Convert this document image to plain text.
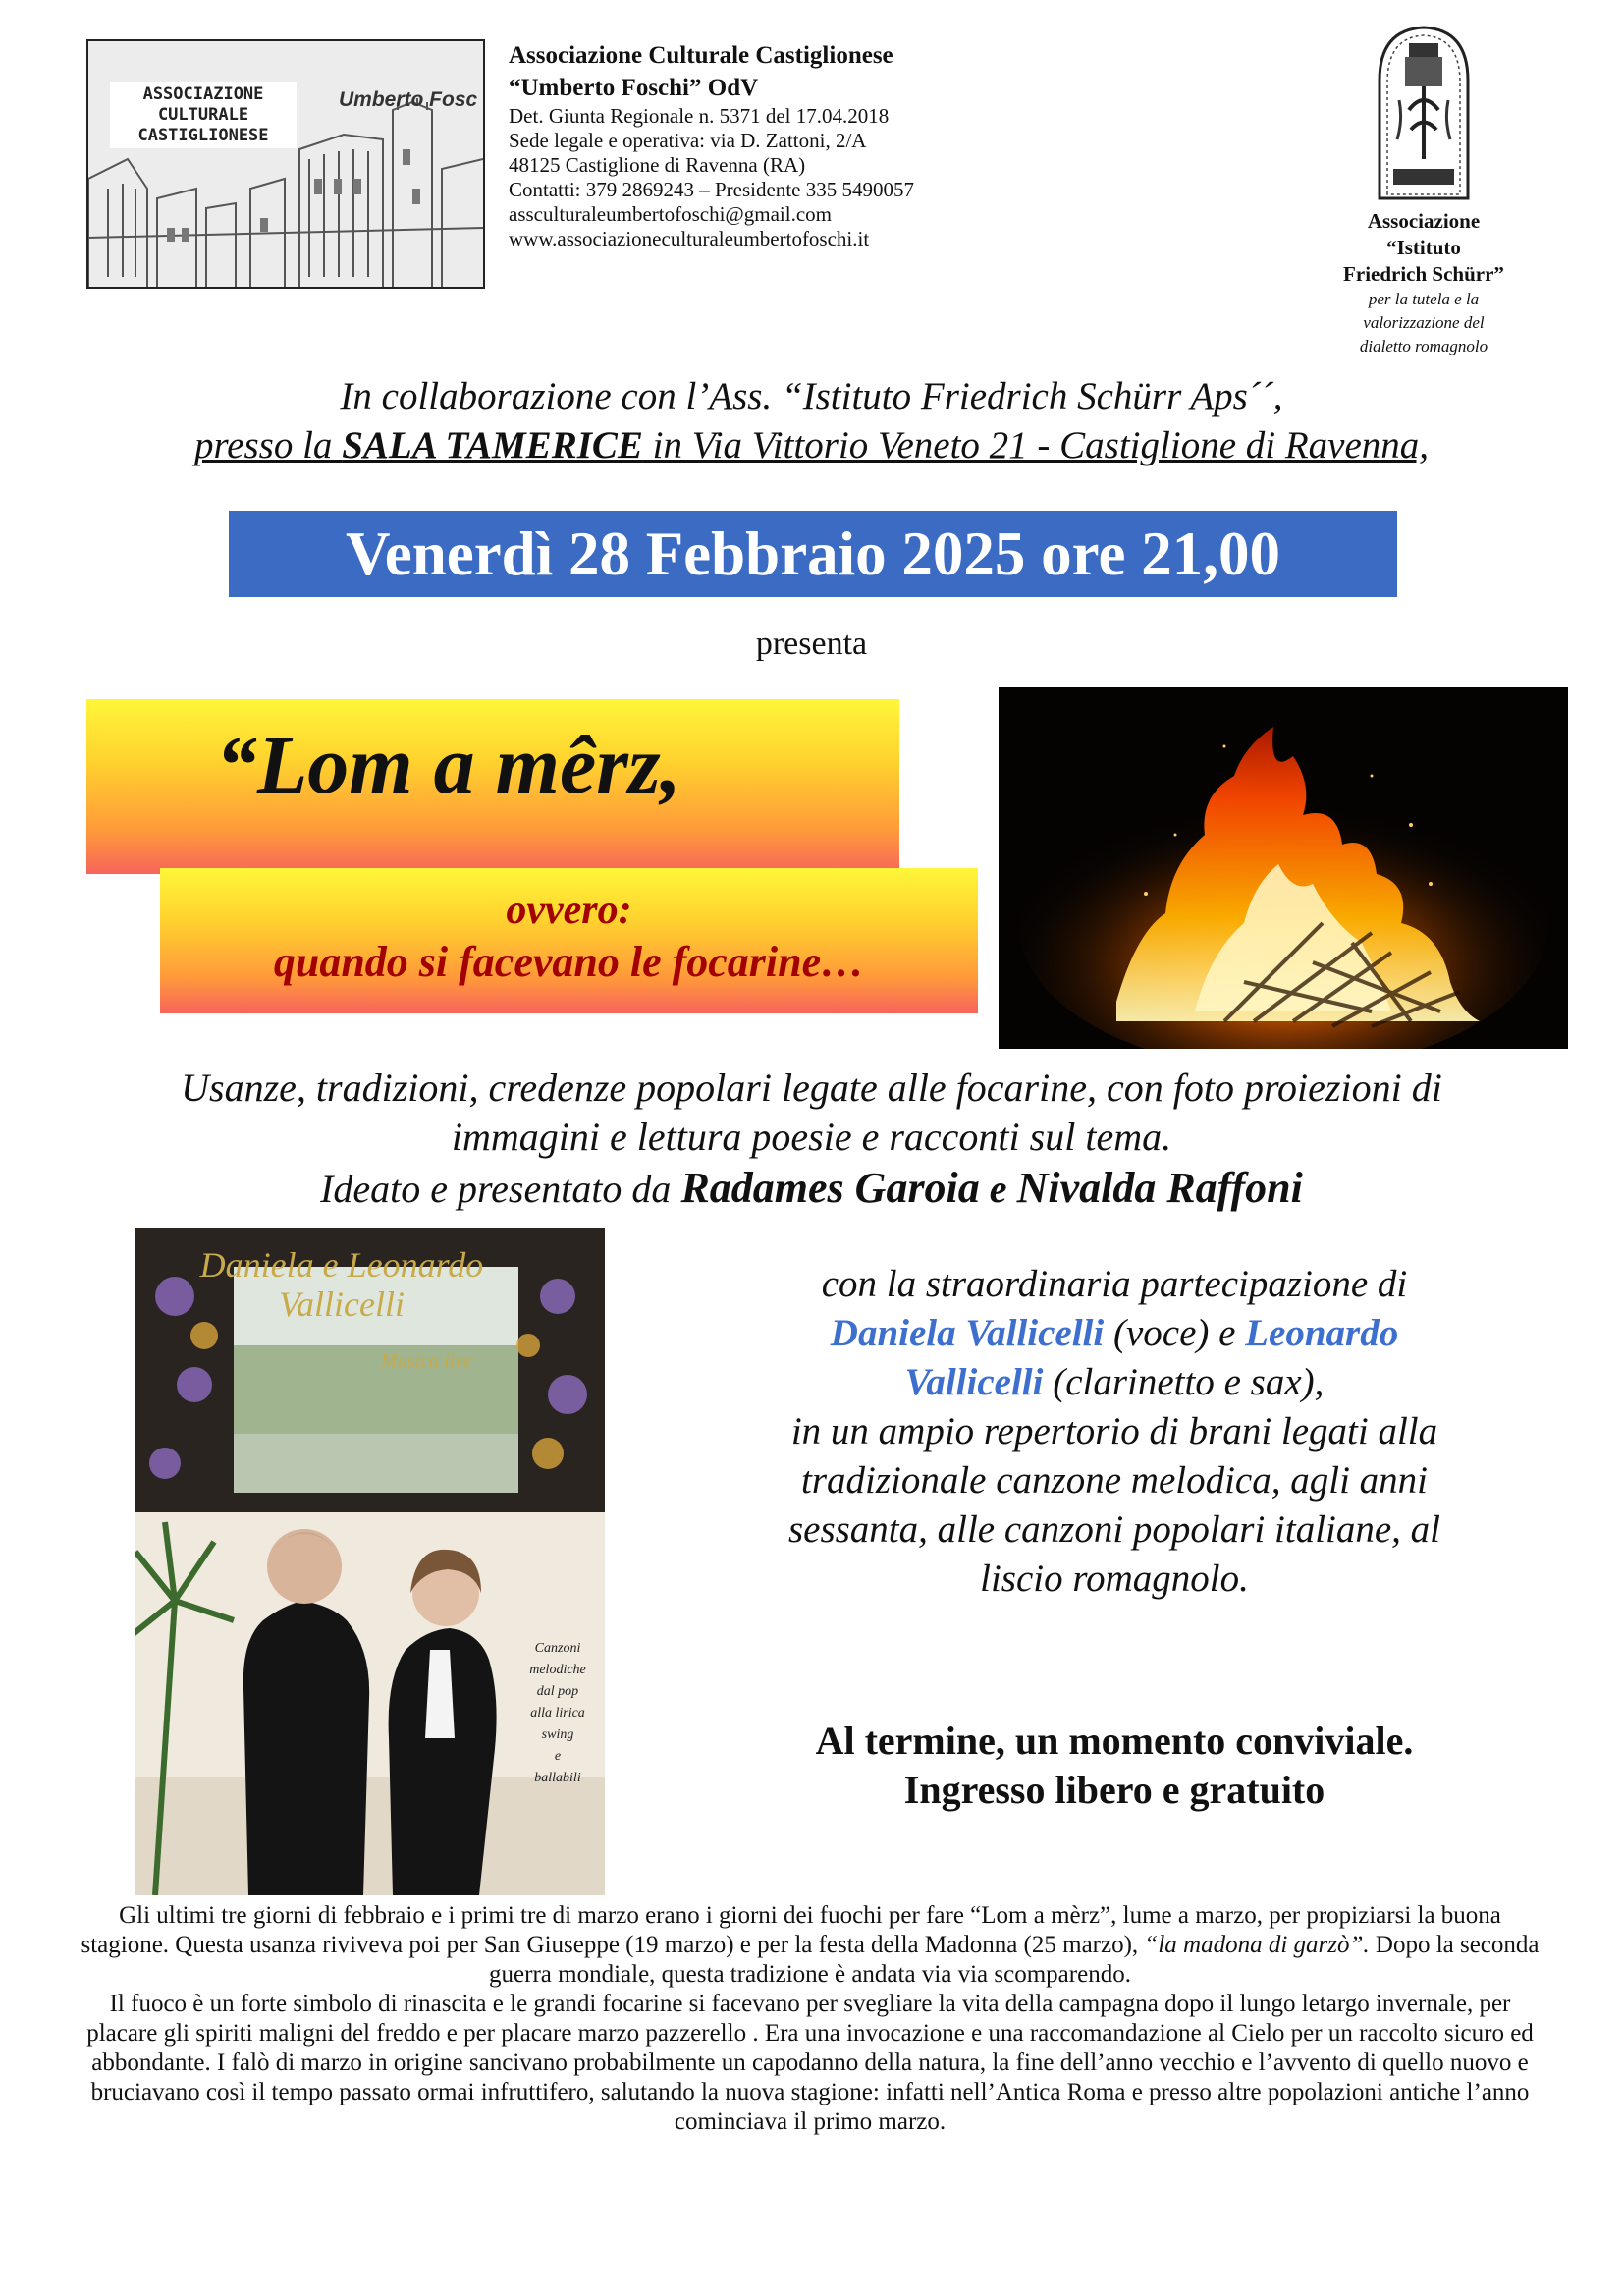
ASSOCIAZIONE
CULTURALE
CASTIGLIONESE
Umberto Fosc
Associazione Culturale Castiglionese
“Umberto Foschi” OdV
Det. Giunta Regionale n. 5371 del 17.04.2018
Sede legale e operativa: via D. Zattoni, 2/A
48125 Castiglione di Ravenna (RA)
Contatti: 379 2869243 – Presidente 335 5490057
assculturaleumbertofoschi@gmail.com
www.associazioneculturaleumbertofoschi.it
Associazione
“Istituto
Friedrich Schürr”
per la tutela e la
valorizzazione del
dialetto romagnolo
In collaborazione con l’Ass. “Istituto Friedrich Schürr Aps´´,
presso la SALA TAMERICE in Via Vittorio Veneto 21 - Castiglione di Ravenna,
Venerdì 28 Febbraio 2025 ore 21,00
presenta
“Lom a mêrz,
ovvero:
quando si facevano le focarine…
Usanze, tradizioni, credenze popolari legate alle focarine, con foto proiezioni di
immagini e lettura poesie e racconti sul tema.
Ideato e presentato da Radames Garoia e Nivalda Raffoni
Daniela e Leonardo
Vallicelli
Musica live
Canzoni
melodiche
dal pop
alla lirica
swing
e
ballabili
con la straordinaria partecipazione di
Daniela Vallicelli (voce) e Leonardo
Vallicelli (clarinetto e sax),
in un ampio repertorio di brani legati alla
tradizionale canzone melodica, agli anni
sessanta, alle canzoni popolari italiane, al
liscio romagnolo.
Al termine, un momento conviviale.
Ingresso libero e gratuito

Gli ultimi tre giorni di febbraio e i primi tre di marzo erano i giorni dei fuochi per fare “Lom a mèrz”, lume a marzo, per propiziarsi la buona stagione. Questa usanza riviveva poi per San Giuseppe (19 marzo) e per la festa della Madonna (25 marzo), “la madona di garzò”. Dopo la seconda guerra mondiale, questa tradizione è andata via via scomparendo.

Il fuoco è un forte simbolo di rinascita e le grandi focarine si facevano per svegliare la vita della campagna dopo il lungo letargo invernale, per placare gli spiriti maligni del freddo e per placare marzo pazzerello . Era una invocazione e una raccomandazione al Cielo per un raccolto sicuro ed abbondante. I falò di marzo in origine sancivano probabilmente un capodanno della natura, la fine dell’anno vecchio e l’avvento di quello nuovo e bruciavano così il tempo passato ormai infruttifero, salutando la nuova stagione: infatti nell’Antica Roma e presso altre popolazioni antiche l’anno cominciava il primo marzo.
